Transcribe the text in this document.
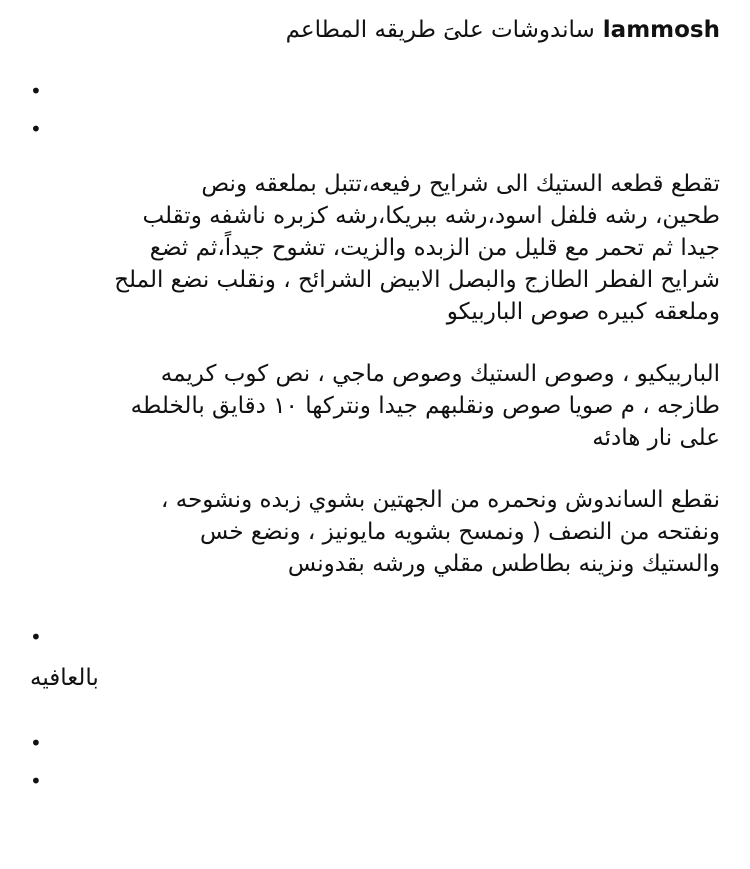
ساندوشات علىَ طريقه المطاعم lammosh
•
•

تقطع قطعه الستيك الى شرايح رفيعه،تتبل بملعقه ونص
طحين، رشه فلفل اسود،رشه ببريكا،رشه كزبره ناشفه وتقلب
جيدا ثم تحمر مع قليل من الزبده والزيت، تشوح جيداً،ثم ثضع
شرايح الفطر الطازج والبصل الابيض الشرائح ، ونقلب نضع الملح
وملعقه كبيره صوص الباربيكو

الباربيكيو ، وصوص الستيك وصوص ماجي ، نص كوب كريمه
طازجه ، م صويا صوص ونقلبهم جيدا ونتركها ١٠ دقايق بالخلطه
على نار هادئه

نقطع الساندوش ونحمره من الجهتين بشوي زبده ونشوحه ،
ونفتحه من النصف ( ونمسح بشويه مايونيز ، ونضع خس
والستيك ونزينه بطاطس مقلي ورشه بقدونس

•
بالعافيه
•
•
